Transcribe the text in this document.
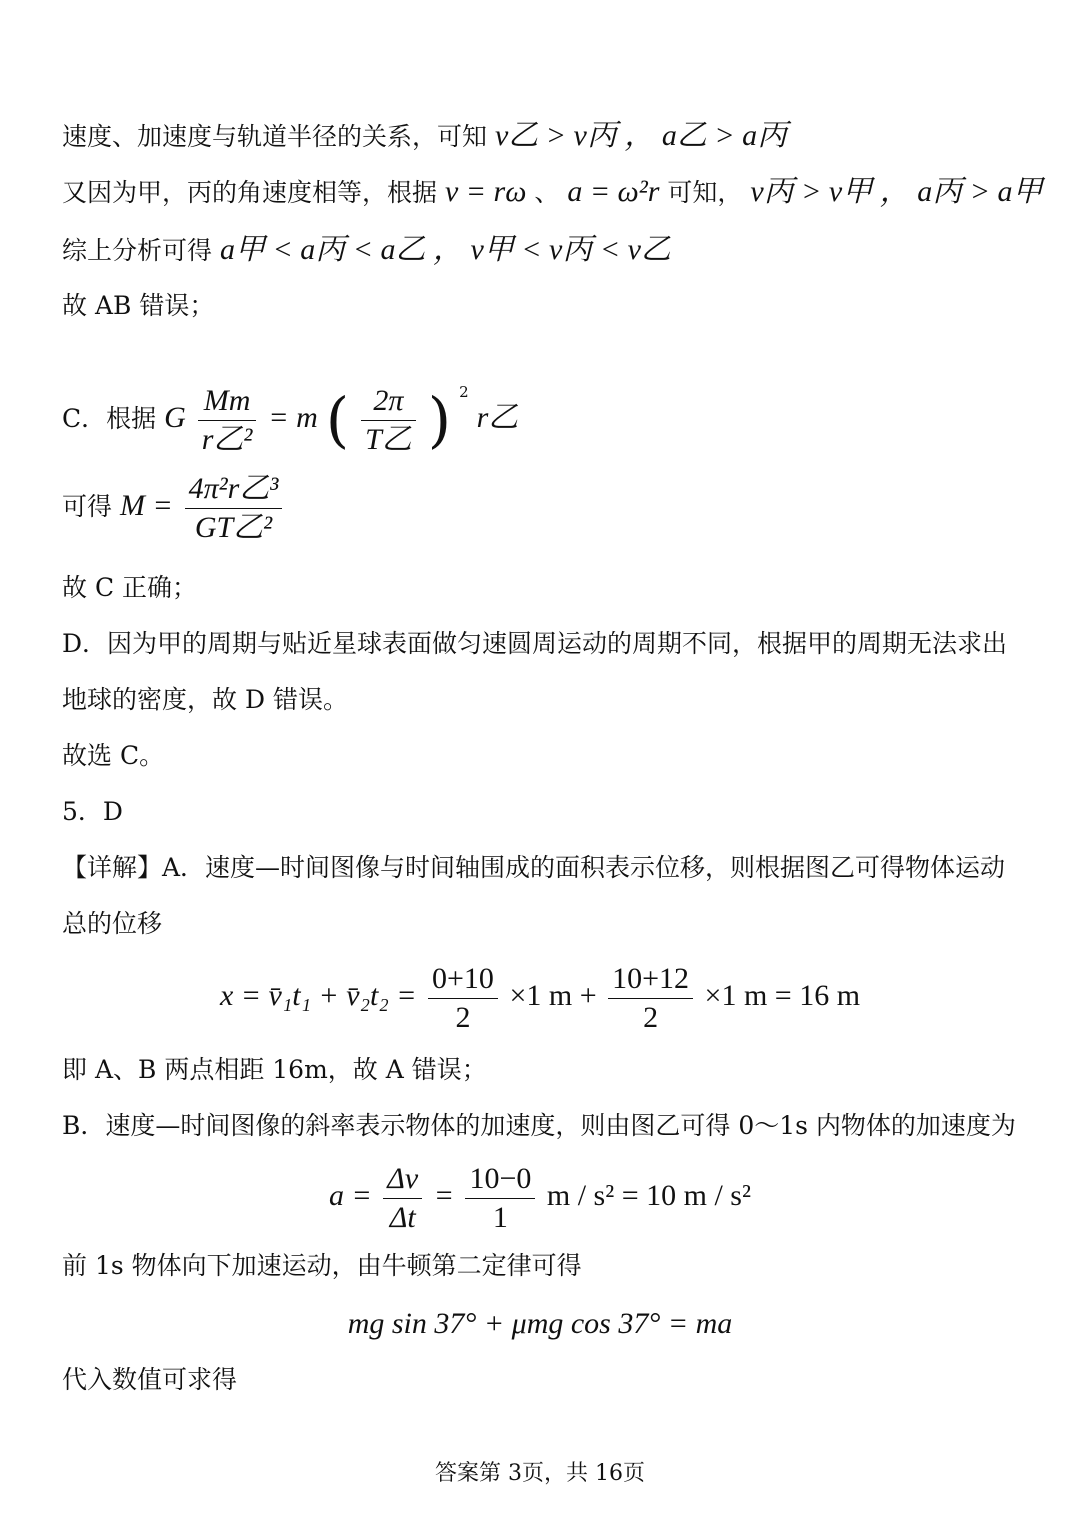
速度、加速度与轨道半径的关系，可知 v乙 > v丙 ， a乙 > a丙
又因为甲，丙的角速度相等，根据 v = rω 、 a = ω²r 可知， v丙 > v甲 ， a丙 > a甲
综上分析可得 a甲 < a丙 < a乙 ， v甲 < v丙 < v乙
故 AB 错误；
C．根据 G $\frac{Mm}{\text{r乙²}} = m$ ( $\frac{2\pi}{\text{T乙}}$ ) $^2$ r乙
可得 $M = \frac{\text{4π²r乙³}}{\text{GT乙²}}$
故 C 正确；
D．因为甲的周期与贴近星球表面做匀速圆周运动的周期不同，根据甲的周期无法求出
地球的密度，故 D 错误。
故选 C。
5．D
【详解】A．速度—时间图像与时间轴围成的面积表示位移，则根据图乙可得物体运动
总的位移
x = v̄₁t₁ + v̄₂t₂ = $\frac{0+10}{2} \times 1$ $m + \frac{10+12}{2} \times 1$ m = 16 m
即 A、B 两点相距 16m，故 A 错误；
B．速度—时间图像的斜率表示物体的加速度，则由图乙可得 0～1s 内物体的加速度为
$a = \frac{\Delta v}{\Delta t} = \frac{10-0}{1}$ m / s² = 10 m / s²
前 1s 物体向下加速运动，由牛顿第二定律可得
mg sin 37° + μmg cos 37° = ma
代入数值可求得
答案第 3页，共 16页
